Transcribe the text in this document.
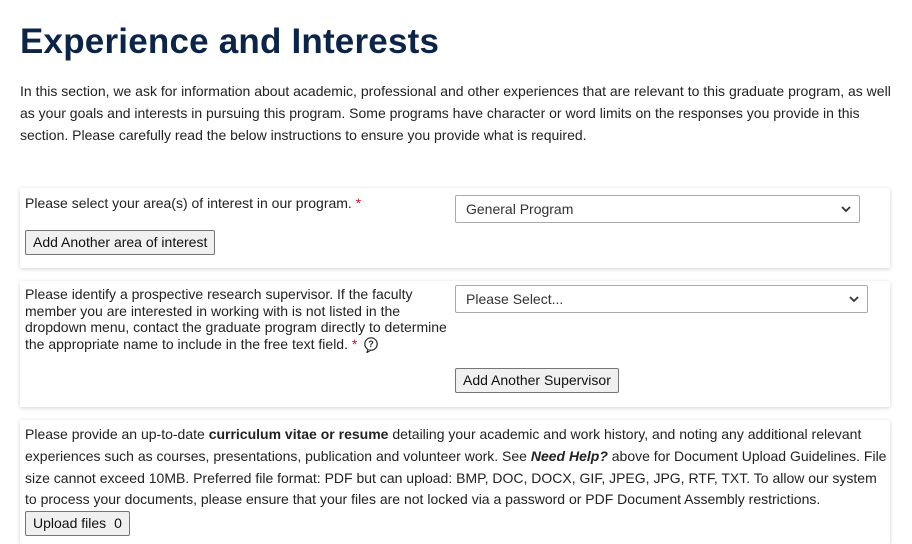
Experience and Interests

In this section, we ask for information about academic, professional and other experiences that are relevant to this graduate program, as well as your goals and interests in pursuing this program. Some programs have character or word limits on the responses you provide in this section. Please carefully read the below instructions to ensure you provide what is required.

Please select your area(s) of interest in our program. *	General Program
Add Another area of interest
Please identify a prospective research supervisor. If the faculty member you are interested in working with is not listed in the dropdown menu, contact the graduate program directly to determine the appropriate name to include in the free text field. * ?
Please Select...
Add Another Supervisor

Please provide an up-to-date curriculum vitae or resume detailing your academic and work history, and noting any additional relevant experiences such as courses, presentations, publication and volunteer work. See Need Help? above for Document Upload Guidelines. File size cannot exceed 10MB. Preferred file format: PDF but can upload: BMP, DOC, DOCX, GIF, JPEG, JPG, RTF, TXT. To allow our system to process your documents, please ensure that your files are not locked via a password or PDF Document Assembly restrictions.

Upload files 0
